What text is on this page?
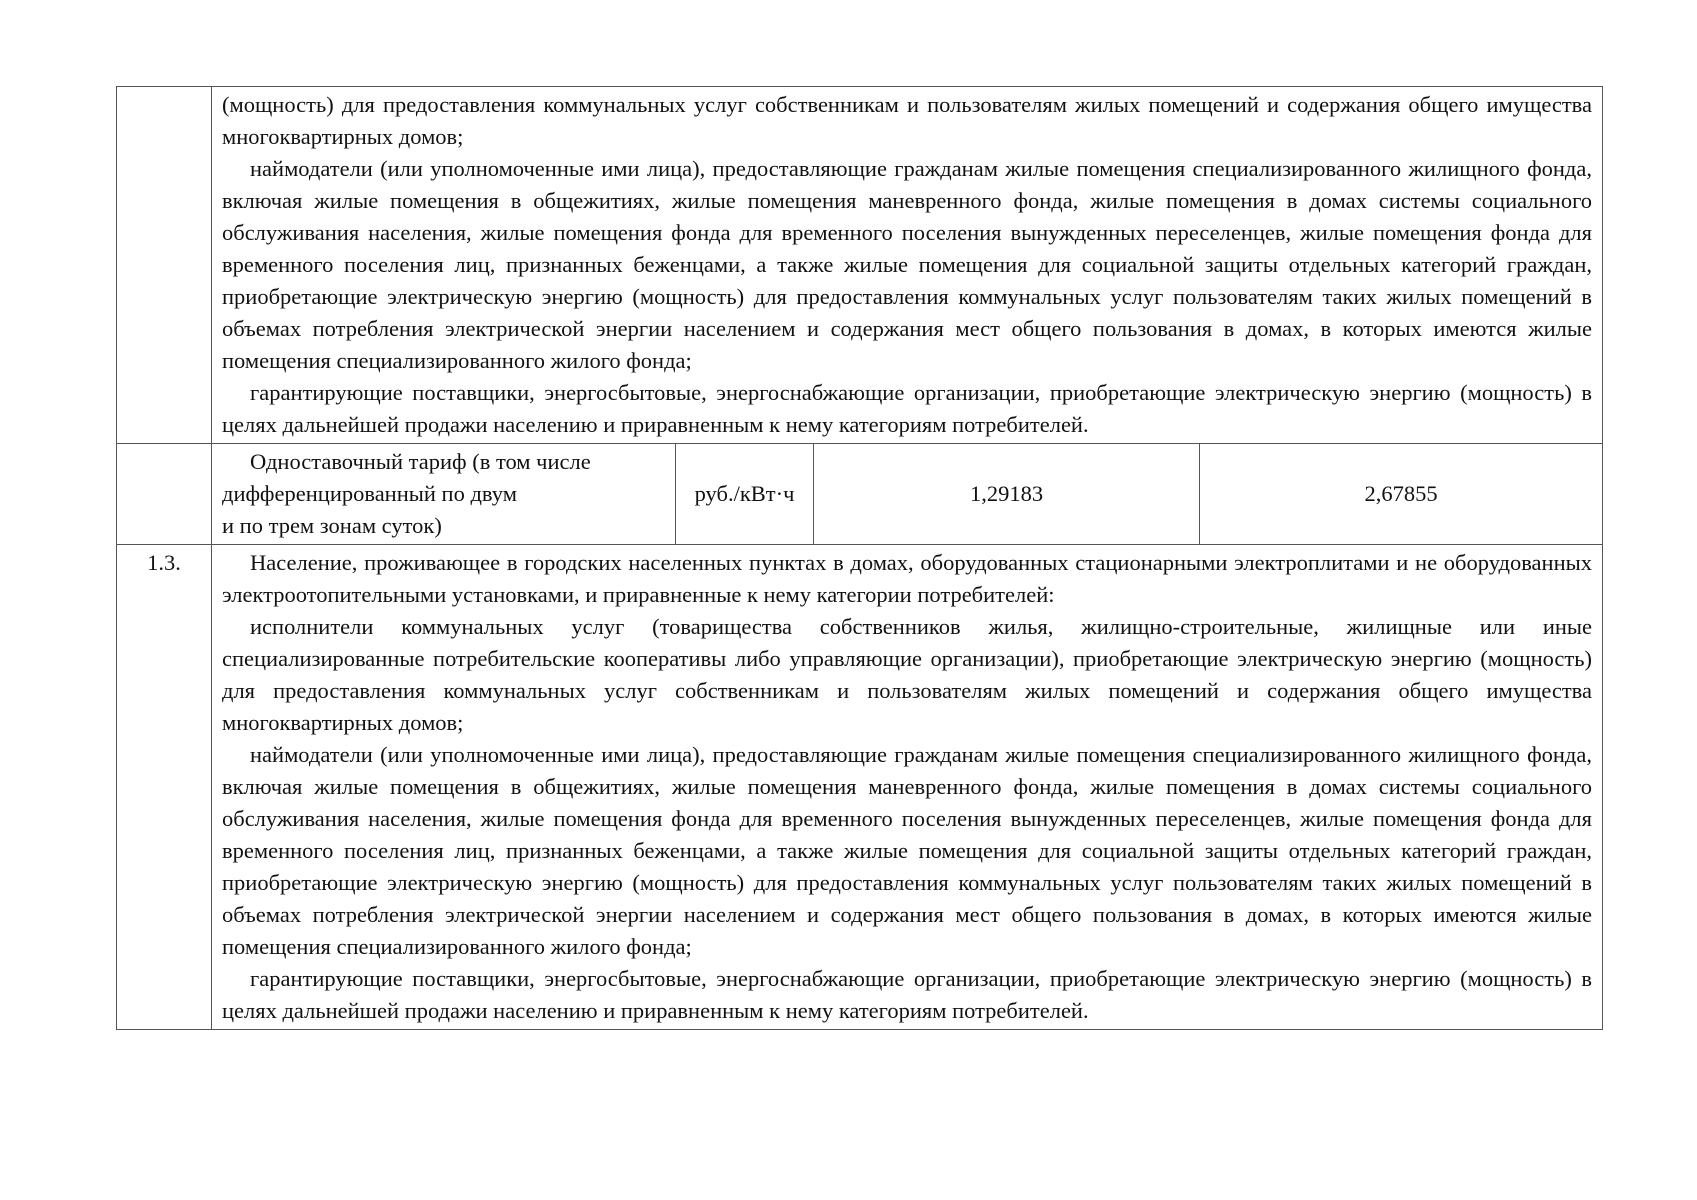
	(мощность) для предоставления коммунальных услуг собственникам и пользователям жилых помещений и содержания общего имущества многоквартирных домов;

наймодатели (или уполномоченные ими лица), предоставляющие гражданам жилые помещения специализированного жилищного фонда, включая жилые помещения в общежитиях, жилые помещения маневренного фонда, жилые помещения в домах системы социального обслуживания населения, жилые помещения фонда для временного поселения вынужденных переселенцев, жилые помещения фонда для временного поселения лиц, признанных беженцами, а также жилые помещения для социальной защиты отдельных категорий граждан, приобретающие электрическую энергию (мощность) для предоставления коммунальных услуг пользователям таких жилых помещений в объемах потребления электрической энергии населением и содержания мест общего пользования в домах, в которых имеются жилые помещения специализированного жилого фонда;

гарантирующие поставщики, энергосбытовые, энергоснабжающие организации, приобретающие электрическую энергию (мощность) в целях дальнейшей продажи населению и приравненным к нему категориям потребителей.			

	Одноставочный тариф (в том числе
дифференцированный по двум
и по трем зонам суток)	руб./кВт·ч	1,29183	2,67855
1.3.	Население, проживающее в городских населенных пунктах в домах, оборудованных стационарными электроплитами и не оборудованных электроотопительными установками, и приравненные к нему категории потребителей:

исполнители коммунальных услуг (товарищества собственников жилья, жилищно-строительные, жилищные или иные специализированные потребительские кооперативы либо управляющие организации), приобретающие электрическую энергию (мощность) для предоставления коммунальных услуг собственникам и пользователям жилых помещений и содержания общего имущества многоквартирных домов;

наймодатели (или уполномоченные ими лица), предоставляющие гражданам жилые помещения специализированного жилищного фонда, включая жилые помещения в общежитиях, жилые помещения маневренного фонда, жилые помещения в домах системы социального обслуживания населения, жилые помещения фонда для временного поселения вынужденных переселенцев, жилые помещения фонда для временного поселения лиц, признанных беженцами, а также жилые помещения для социальной защиты отдельных категорий граждан, приобретающие электрическую энергию (мощность) для предоставления коммунальных услуг пользователям таких жилых помещений в объемах потребления электрической энергии населением и содержания мест общего пользования в домах, в которых имеются жилые помещения специализированного жилого фонда;

гарантирующие поставщики, энергосбытовые, энергоснабжающие организации, приобретающие электрическую энергию (мощность) в целях дальнейшей продажи населению и приравненным к нему категориям потребителей.			
